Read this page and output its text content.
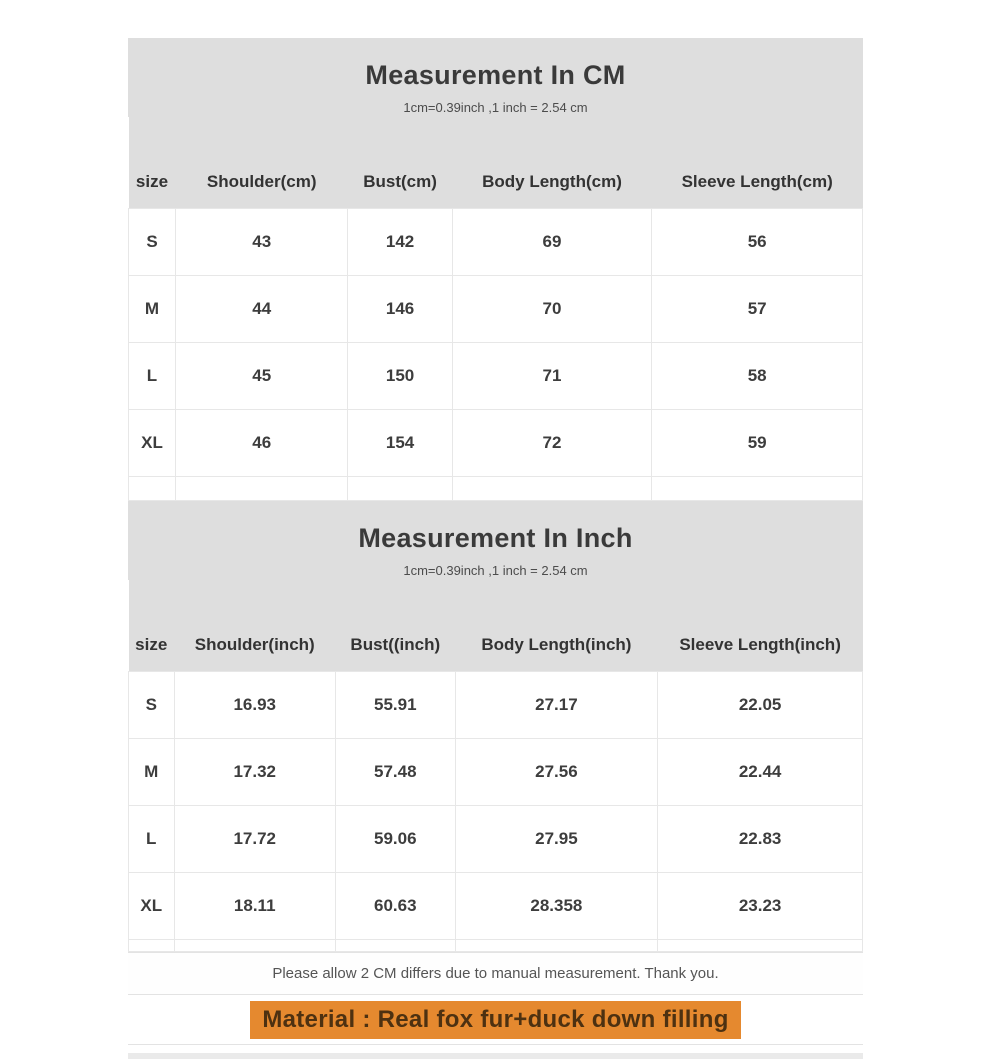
Measurement In CM
1cm=0.39inch ,1 inch = 2.54 cm
size	Shoulder(cm)	Bust(cm)	Body Length(cm)	Sleeve Length(cm)
S	43	142	69	56
M	44	146	70	57
L	45	150	71	58
XL	46	154	72	59

Measurement In Inch
1cm=0.39inch ,1 inch = 2.54 cm
size	Shoulder(inch)	Bust((inch)	Body Length(inch)	Sleeve Length(inch)
S	16.93	55.91	27.17	22.05
M	17.32	57.48	27.56	22.44
L	17.72	59.06	27.95	22.83
XL	18.11	60.63	28.358	23.23

Please allow 2 CM differs due to manual measurement. Thank you.
Material : Real fox fur+duck down filling
